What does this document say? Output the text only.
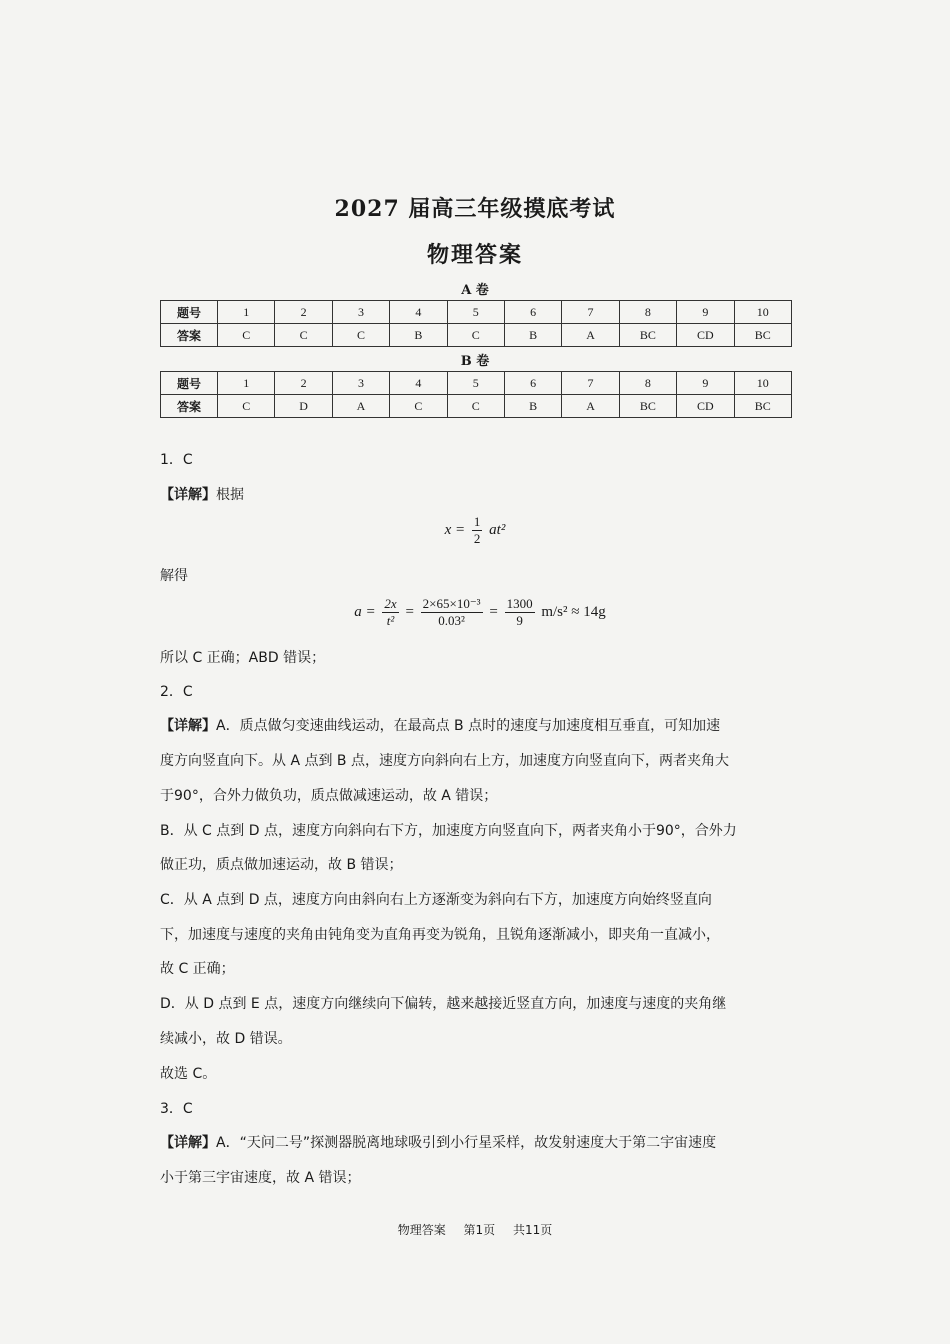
2027 届高三年级摸底考试
物理答案
A 卷
题号	1	2	3	4	5	6	7	8	9	10
答案	C	C	C	B	C	B	A	BC	CD	BC
B 卷
题号	1	2	3	4	5	6	7	8	9	10
答案	C	D	A	C	C	B	A	BC	CD	BC
1．C
【详解】根据
$x = \frac{1}{2} at^2$
解得
$a = \frac{2x}{\text{t²}} = \frac{\text{2×65×10⁻³}}{\text{0.03²}} = \frac{1300}{9} m/s^2 \approx 14g$
所以 C 正确；ABD 错误；
2．C
【详解】A．质点做匀变速曲线运动，在最高点 B 点时的速度与加速度相互垂直，可知加速
度方向竖直向下。从 A 点到 B 点，速度方向斜向右上方，加速度方向竖直向下，两者夹角大
于90°，合外力做负功，质点做减速运动，故 A 错误；
B．从 C 点到 D 点，速度方向斜向右下方，加速度方向竖直向下，两者夹角小于90°，合外力
做正功，质点做加速运动，故 B 错误；
C．从 A 点到 D 点，速度方向由斜向右上方逐渐变为斜向右下方，加速度方向始终竖直向
下，加速度与速度的夹角由钝角变为直角再变为锐角，且锐角逐渐减小，即夹角一直减小，
故 C 正确；
D．从 D 点到 E 点，速度方向继续向下偏转，越来越接近竖直方向，加速度与速度的夹角继
续减小，故 D 错误。
故选 C。
3．C
【详解】A．“天问二号”探测器脱离地球吸引到小行星采样，故发射速度大于第二宇宙速度
小于第三宇宙速度，故 A 错误；
物理答案 第1页 共11页
